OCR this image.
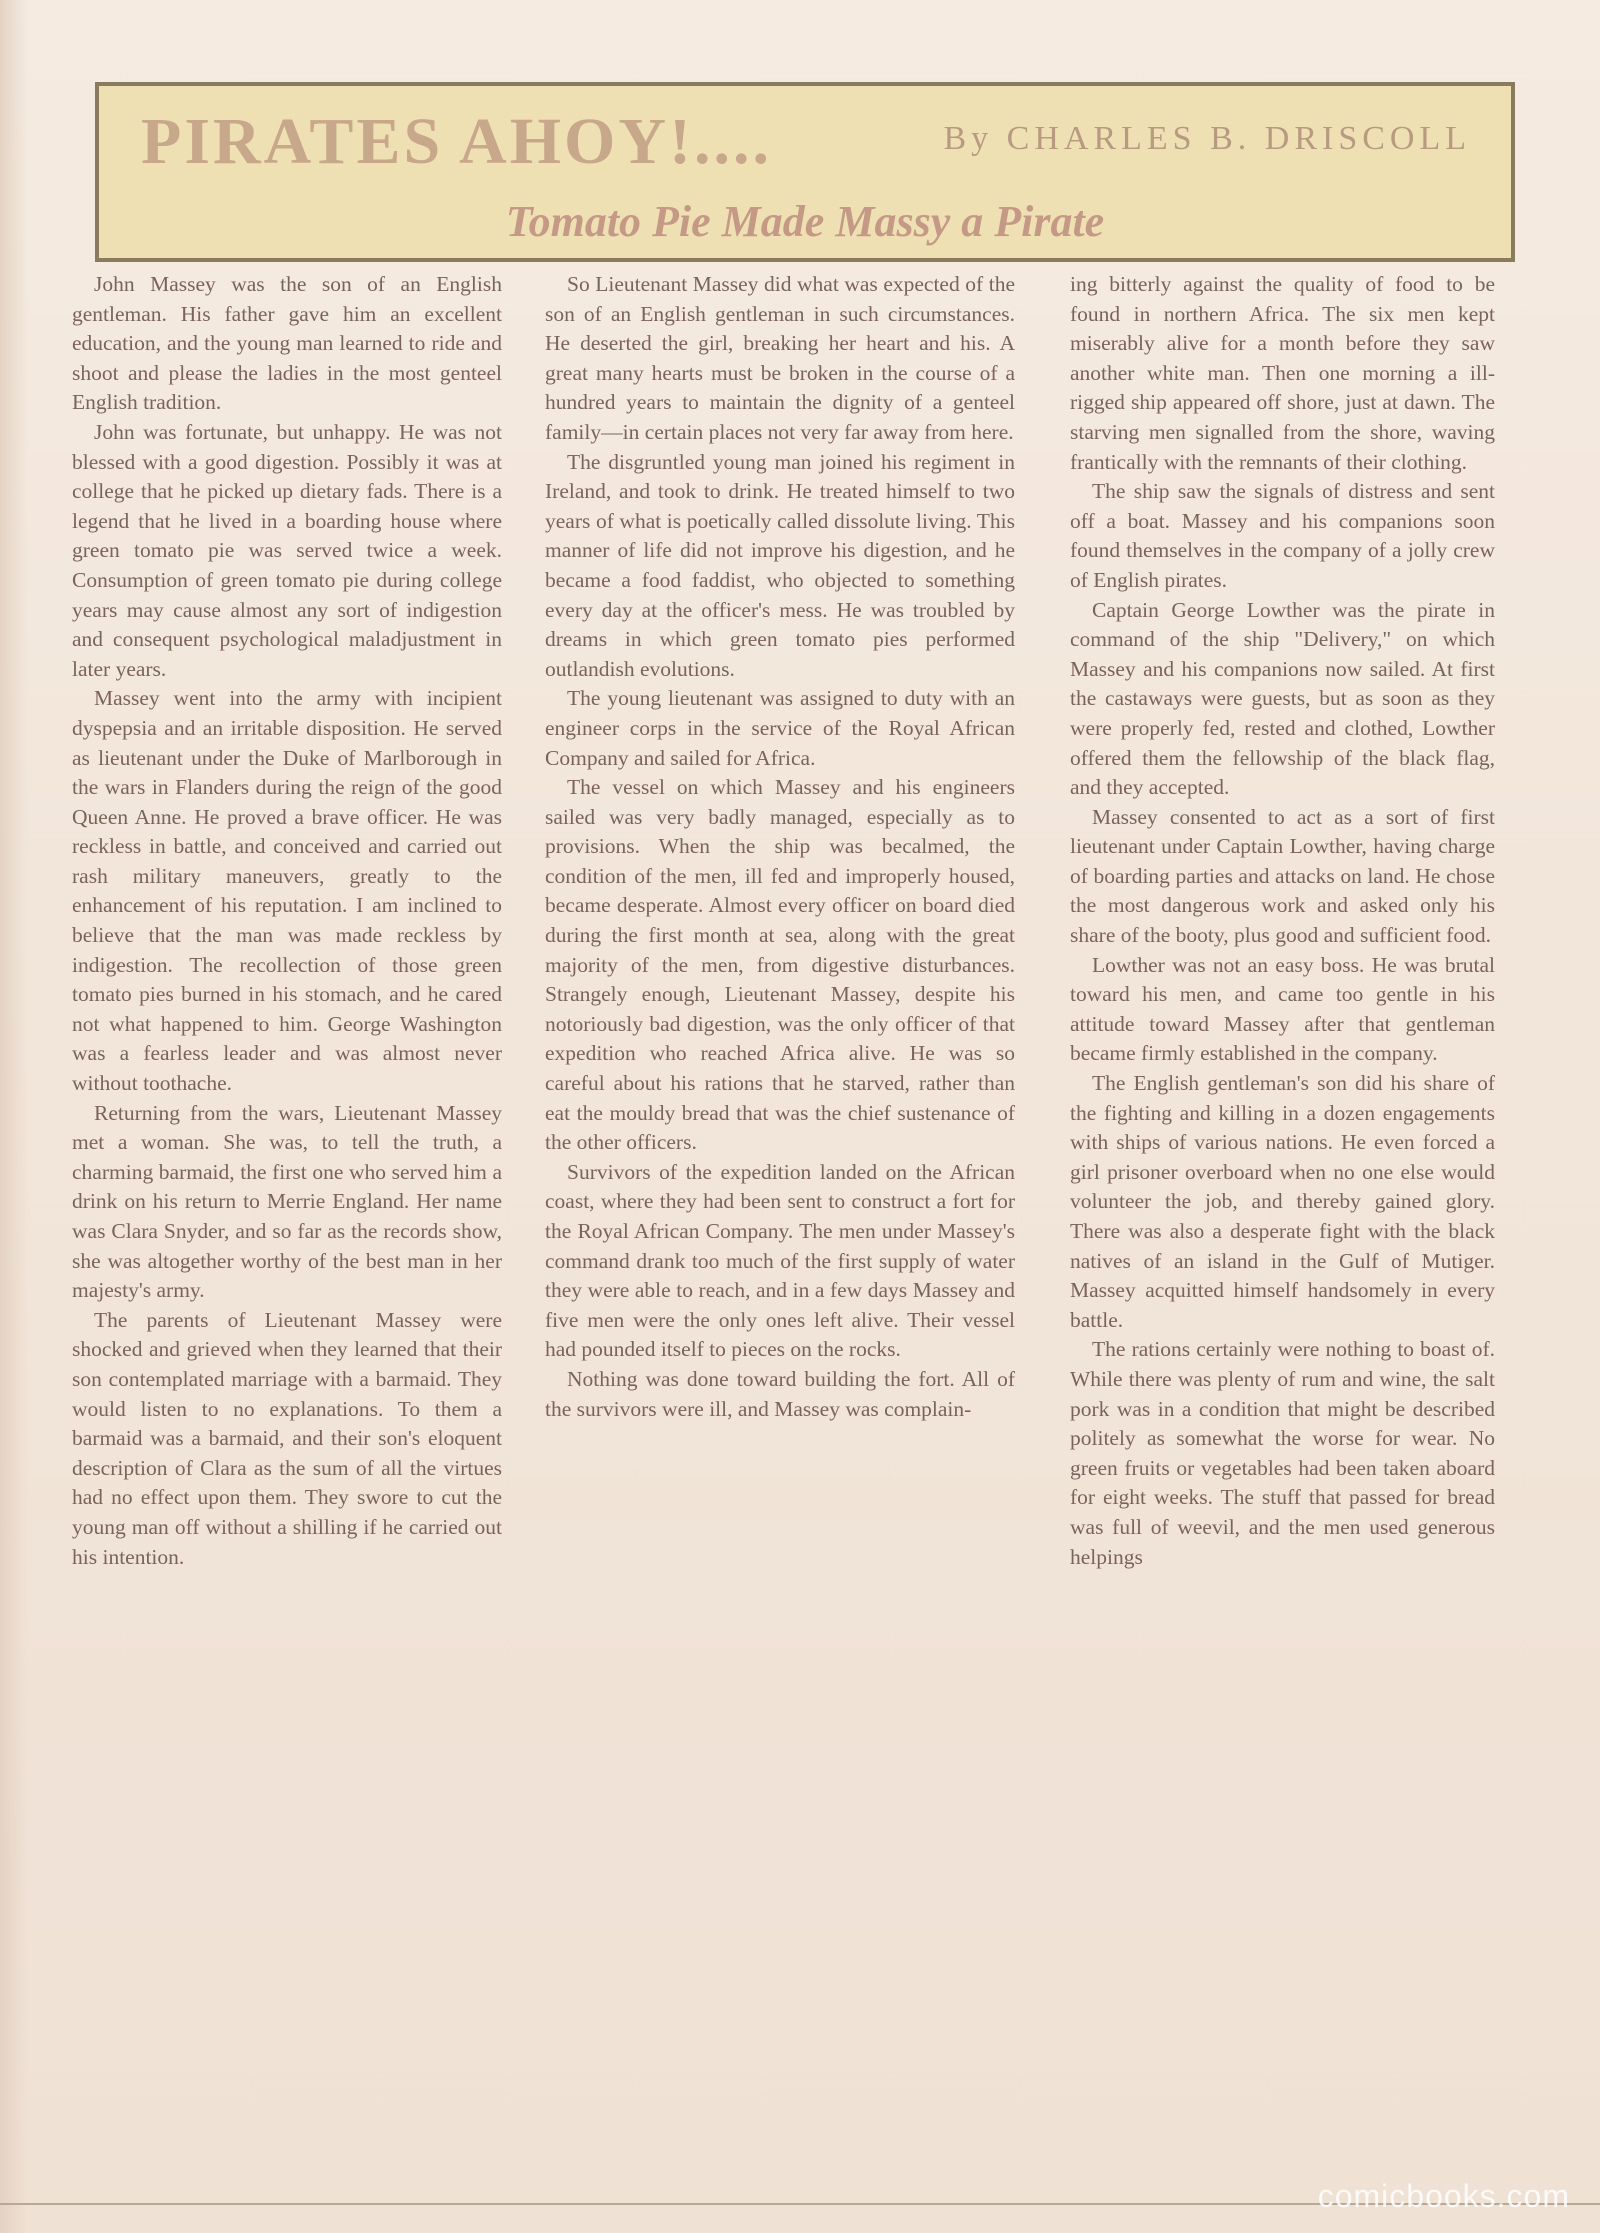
PIRATES AHOY!....	By CHARLES B. DRISCOLL
Tomato Pie Made Massy a Pirate

John Massey was the son of an English gentleman. His father gave him an excellent education, and the young man learned to ride and shoot and please the ladies in the most genteel English tradition.

John was fortunate, but unhappy. He was not blessed with a good digestion. Possibly it was at college that he picked up dietary fads. There is a legend that he lived in a boarding house where green tomato pie was served twice a week. Consumption of green tomato pie during college years may cause almost any sort of indigestion and consequent psychological maladjustment in later years.

Massey went into the army with incipient dyspepsia and an irritable disposition. He served as lieutenant under the Duke of Marlborough in the wars in Flanders during the reign of the good Queen Anne. He proved a brave officer. He was reckless in battle, and conceived and carried out rash military maneuvers, greatly to the enhancement of his reputation. I am inclined to believe that the man was made reckless by indigestion. The recollection of those green tomato pies burned in his stomach, and he cared not what happened to him. George Washington was a fearless leader and was almost never without toothache.

Returning from the wars, Lieutenant Massey met a woman. She was, to tell the truth, a charming barmaid, the first one who served him a drink on his return to Merrie England. Her name was Clara Snyder, and so far as the records show, she was altogether worthy of the best man in her majesty's army.

The parents of Lieutenant Massey were shocked and grieved when they learned that their son contemplated marriage with a barmaid. They would listen to no explanations. To them a barmaid was a barmaid, and their son's eloquent description of Clara as the sum of all the virtues had no effect upon them. They swore to cut the young man off without a shilling if he carried out his intention.

So Lieutenant Massey did what was expected of the son of an English gentleman in such circumstances. He deserted the girl, breaking her heart and his. A great many hearts must be broken in the course of a hundred years to maintain the dignity of a genteel family—in certain places not very far away from here.

The disgruntled young man joined his regiment in Ireland, and took to drink. He treated himself to two years of what is poetically called dissolute living. This manner of life did not improve his digestion, and he became a food faddist, who objected to something every day at the officer's mess. He was troubled by dreams in which green tomato pies performed outlandish evolutions.

The young lieutenant was assigned to duty with an engineer corps in the service of the Royal African Company and sailed for Africa.

The vessel on which Massey and his engineers sailed was very badly managed, especially as to provisions. When the ship was becalmed, the condition of the men, ill fed and improperly housed, became desperate. Almost every officer on board died during the first month at sea, along with the great majority of the men, from digestive disturbances. Strangely enough, Lieutenant Massey, despite his notoriously bad digestion, was the only officer of that expedition who reached Africa alive. He was so careful about his rations that he starved, rather than eat the mouldy bread that was the chief sustenance of the other officers.

Survivors of the expedition landed on the African coast, where they had been sent to construct a fort for the Royal African Company. The men under Massey's command drank too much of the first supply of water they were able to reach, and in a few days Massey and five men were the only ones left alive. Their vessel had pounded itself to pieces on the rocks.

Nothing was done toward building the fort. All of the survivors were ill, and Massey was complain-

ing bitterly against the quality of food to be found in northern Africa. The six men kept miserably alive for a month before they saw another white man. Then one morning a ill-rigged ship appeared off shore, just at dawn. The starving men signalled from the shore, waving frantically with the remnants of their clothing.

The ship saw the signals of distress and sent off a boat. Massey and his companions soon found themselves in the company of a jolly crew of English pirates.

Captain George Lowther was the pirate in command of the ship "Delivery," on which Massey and his companions now sailed. At first the castaways were guests, but as soon as they were properly fed, rested and clothed, Lowther offered them the fellowship of the black flag, and they accepted.

Massey consented to act as a sort of first lieutenant under Captain Lowther, having charge of boarding parties and attacks on land. He chose the most dangerous work and asked only his share of the booty, plus good and sufficient food.

Lowther was not an easy boss. He was brutal toward his men, and came too gentle in his attitude toward Massey after that gentleman became firmly established in the company.

The English gentleman's son did his share of the fighting and killing in a dozen engagements with ships of various nations. He even forced a girl prisoner overboard when no one else would volunteer the job, and thereby gained glory. There was also a desperate fight with the black natives of an island in the Gulf of Mutiger. Massey acquitted himself handsomely in every battle.

The rations certainly were nothing to boast of. While there was plenty of rum and wine, the salt pork was in a condition that might be described politely as somewhat the worse for wear. No green fruits or vegetables had been taken aboard for eight weeks. The stuff that passed for bread was full of weevil, and the men used generous helpings

comicbooks.com
